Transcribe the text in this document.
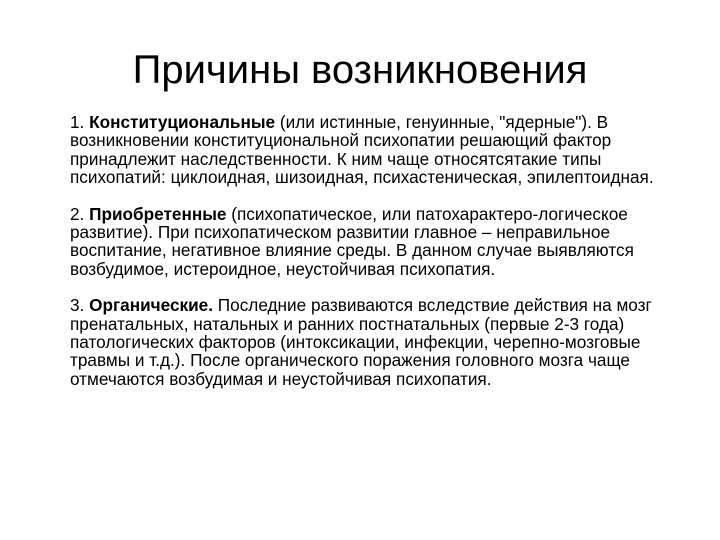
Причины возникновения

1. Конституциональные (или истинные, генуинные, "ядерные"). В возникновении конституциональной психопатии решающий фактор принадлежит наследственности. К ним чаще относятсятакие типы психопатий: циклоидная, шизоидная, психастеническая, эпилептоидная.

2. Приобретенные (психопатическое, или патохарактеро-логическое развитие). При психопатическом развитии главное – неправильное воспитание, негативное влияние среды. В данном случае выявляются возбудимое, истероидное, неустойчивая психопатия.

3. Органические. Последние развиваются вследствие действия на мозг пренатальных, натальных и ранних постнатальных (первые 2-3 года) патологических факторов (интоксикации, инфекции, черепно-мозговые травмы и т.д.). После органического поражения головного мозга чаще отмечаются возбудимая и неустойчивая психопатия.
